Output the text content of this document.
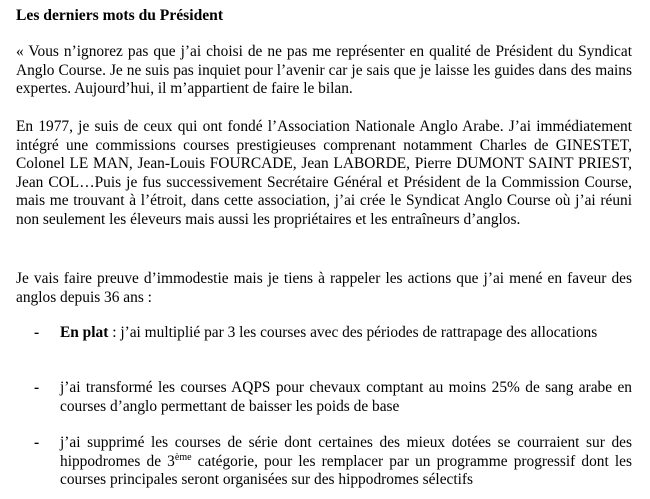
Les derniers mots du Président

« Vous n’ignorez pas que j’ai choisi de ne pas me représenter en qualité de Président du Syndicat Anglo Course. Je ne suis pas inquiet pour l’avenir car je sais que je laisse les guides dans des mains expertes. Aujourd’hui, il m’appartient de faire le bilan.

En 1977, je suis de ceux qui ont fondé l’Association Nationale Anglo Arabe. J’ai immédiatement intégré une commissions courses prestigieuses comprenant notamment Charles de GINESTET, Colonel LE MAN, Jean-Louis FOURCADE, Jean LABORDE, Pierre DUMONT SAINT PRIEST, Jean COL…Puis je fus successivement Secrétaire Général et Président de la Commission Course, mais me trouvant à l’étroit, dans cette association, j’ai crée le Syndicat Anglo Course où j’ai réuni non seulement les éleveurs mais aussi les propriétaires et les entraîneurs d’anglos.

Je vais faire preuve d’immodestie mais je tiens à rappeler les actions que j’ai mené en faveur des anglos depuis 36 ans :

- En plat : j’ai multiplié par 3 les courses avec des périodes de rattrapage des allocations
- j’ai transformé les courses AQPS pour chevaux comptant au moins 25% de sang arabe en courses d’anglo permettant de baisser les poids de base
- j’ai supprimé les courses de série dont certaines des mieux dotées se courraient sur des hippodromes de 3ème catégorie, pour les remplacer par un programme progressif dont les courses principales seront organisées sur des hippodromes sélectifs
